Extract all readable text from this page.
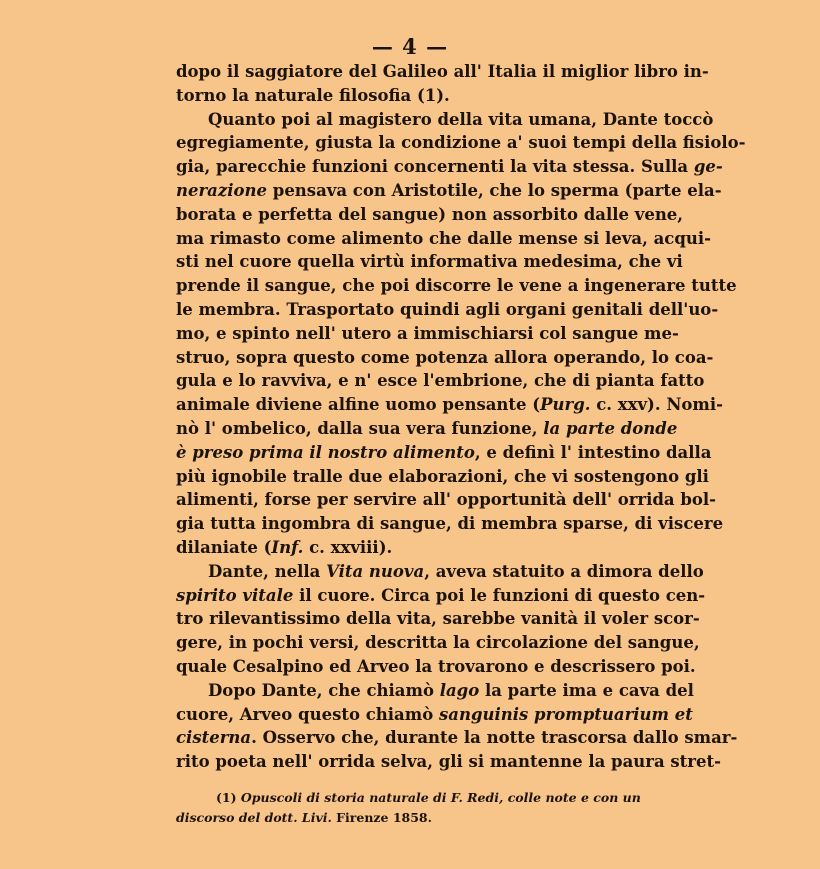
— 4 —
dopo il saggiatore del Galileo all' Italia il miglior libro in-
torno la naturale filosofia (1).
Quanto poi al magistero della vita umana, Dante toccò
egregiamente, giusta la condizione a' suoi tempi della fisiolo-
gia, parecchie funzioni concernenti la vita stessa. Sulla ge-
nerazione pensava con Aristotile, che lo sperma (parte ela-
borata e perfetta del sangue) non assorbito dalle vene,
ma rimasto come alimento che dalle mense si leva, acqui-
sti nel cuore quella virtù informativa medesima, che vi
prende il sangue, che poi discorre le vene a ingenerare tutte
le membra. Trasportato quindi agli organi genitali dell'uo-
mo, e spinto nell' utero a immischiarsi col sangue me-
struo, sopra questo come potenza allora operando, lo coa-
gula e lo ravviva, e n' esce l'embrione, che di pianta fatto
animale diviene alfine uomo pensante (Purg. c. xxv). Nomi-
nò l' ombelico, dalla sua vera funzione, la parte donde
è preso prima il nostro alimento, e definì l' intestino dalla
più ignobile tralle due elaborazioni, che vi sostengono gli
alimenti, forse per servire all' opportunità dell' orrida bol-
gia tutta ingombra di sangue, di membra sparse, di viscere
dilaniate (Inf. c. xxviii).
Dante, nella Vita nuova, aveva statuito a dimora dello
spirito vitale il cuore. Circa poi le funzioni di questo cen-
tro rilevantissimo della vita, sarebbe vanità il voler scor-
gere, in pochi versi, descritta la circolazione del sangue,
quale Cesalpino ed Arveo la trovarono e descrissero poi.
Dopo Dante, che chiamò lago la parte ima e cava del
cuore, Arveo questo chiamò sanguinis promptuarium et
cisterna. Osservo che, durante la notte trascorsa dallo smar-
rito poeta nell' orrida selva, gli si mantenne la paura stret-
(1) Opuscoli di storia naturale di F. Redi, colle note e con un
discorso del dott. Livi. Firenze 1858.
